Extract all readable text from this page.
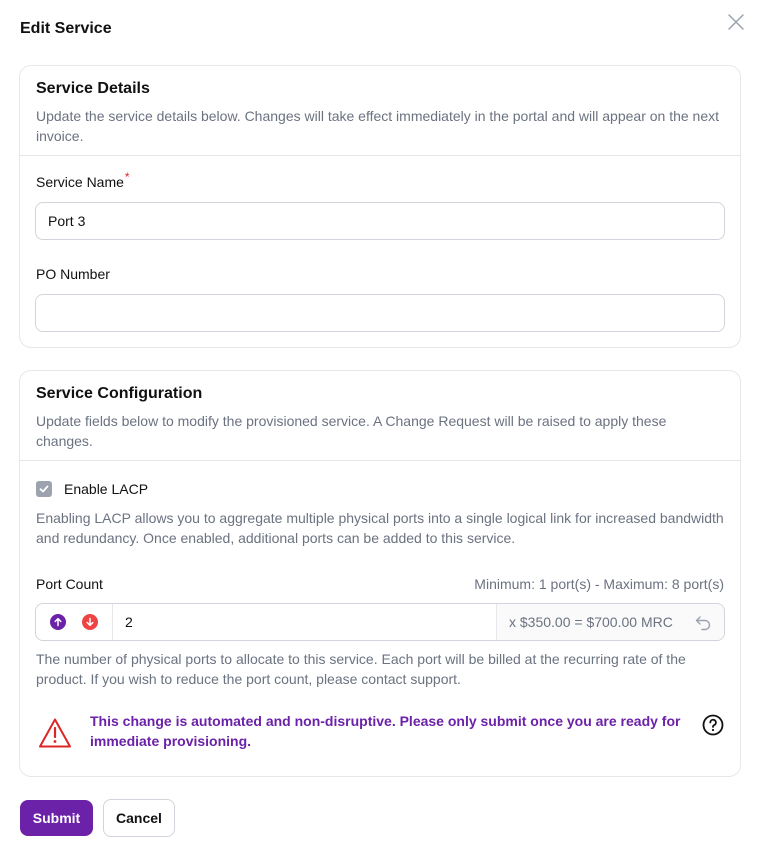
Edit Service
Service Details
Update the service details below. Changes will take effect immediately in the portal and will appear on the next invoice.
Service Name*
Port 3
PO Number
Service Configuration
Update fields below to modify the provisioned service. A Change Request will be raised to apply these changes.
Enable LACP
Enabling LACP allows you to aggregate multiple physical ports into a single logical link for increased bandwidth and redundancy. Once enabled, additional ports can be added to this service.
Port Count	Minimum: 1 port(s) - Maximum: 8 port(s)
2
x $350.00 = $700.00 MRC
The number of physical ports to allocate to this service. Each port will be billed at the recurring rate of the product. If you wish to reduce the port count, please contact support.
This change is automated and non-disruptive. Please only submit once you are ready for immediate provisioning.
Submit	Cancel
